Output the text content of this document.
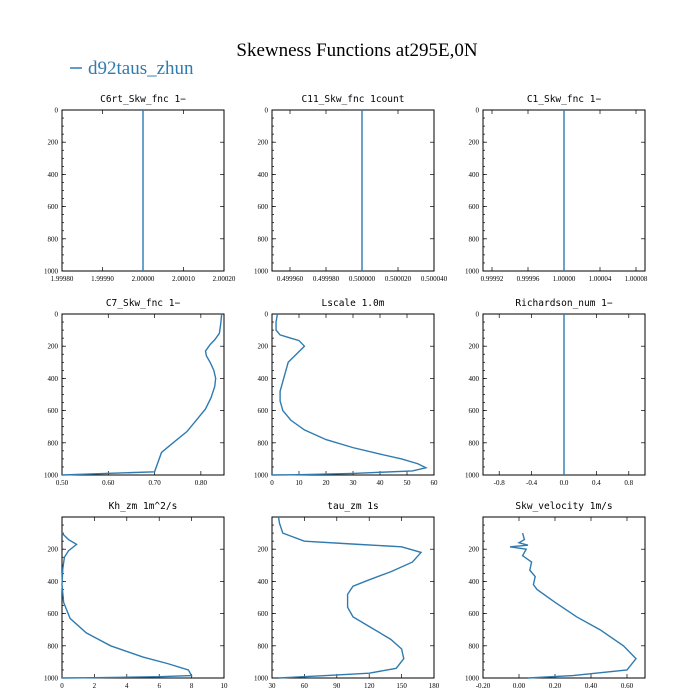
Skewness Functions at295E,0N
d92taus_zhun
C6rt_Skw_fnc 1−
0
200
400
600
800
1000
1.99980	1.99990	2.00000	2.00010	2.00020
C11_Skw_fnc 1count
0
200
400
600
800
1000
0.499960 0.499980 0.500000 0.500020 0.500040
C1_Skw_fnc 1−
0
200
400
600
800
1000
0.99992 0.99996 1.00000 1.00004 1.00008
C7_Skw_fnc 1−
0
200
400
600
800
1000
0.50	0.60	0.70	0.80
Lscale 1.0m
0
200
400
600
800
1000
0	10	20	30	40	50	60
Richardson_num 1−
0
200
400
600
800
1000
-0.8	-0.4	0.0	0.4	0.8
Kh_zm 1m^2/s
200
400
600
800
1000
0	2	4	6	8	10
tau_zm 1s
200
400
600
800
1000
30	60	90	120	150	180
Skw_velocity 1m/s
200
400
600
800
1000
-0.20	0.00	0.20	0.40	0.60
